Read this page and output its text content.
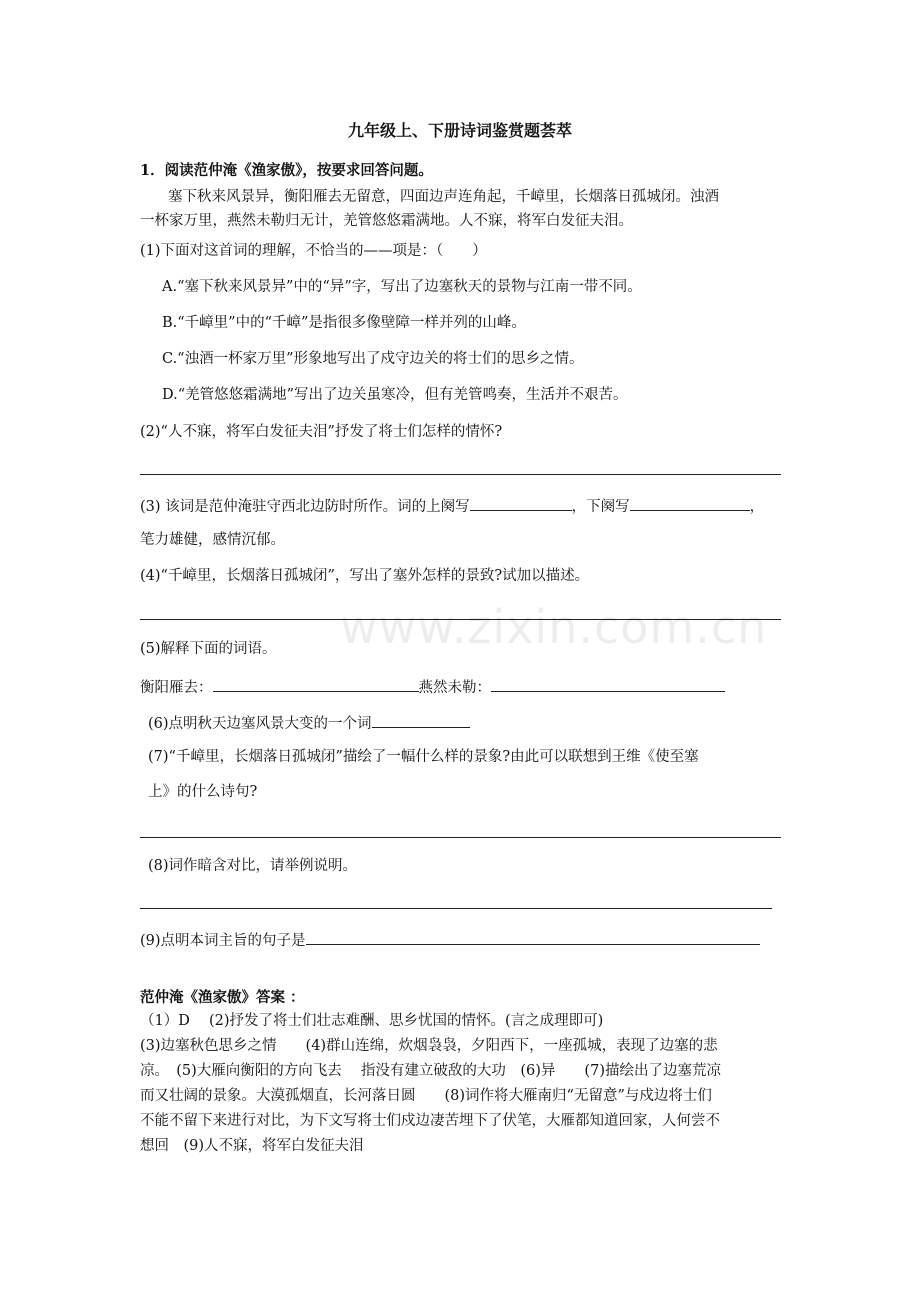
九年级上、下册诗词鉴赏题荟萃
1．阅读范仲淹《渔家傲》，按要求回答问题。
塞下秋来风景异，衡阳雁去无留意，四面边声连角起，千嶂里，长烟落日孤城闭。浊酒
一杯家万里，燕然未勒归无计，羌管悠悠霜满地。人不寐，将军白发征夫泪。
(1)下面对这首词的理解，不恰当的——项是：（　　）
A.“塞下秋来风景异”中的“异”字，写出了边塞秋天的景物与江南一带不同。
B.“千嶂里”中的“千嶂”是指很多像壁障一样并列的山峰。
C.“浊酒一杯家万里”形象地写出了戍守边关的将士们的思乡之情。
D.“羌管悠悠霜满地”写出了边关虽寒冷，但有羌管鸣奏，生活并不艰苦。
(2)“人不寐，将军白发征夫泪”抒发了将士们怎样的情怀?
(3) 该词是范仲淹驻守西北边防时所作。词的上阕写	，下阕写	，
笔力雄健，感情沉郁。
(4)“千嶂里，长烟落日孤城闭”，写出了塞外怎样的景致?试加以描述。
www.zixin.com.cn
(5)解释下面的词语。
衡阳雁去：	燕然未勒：
(6)点明秋天边塞风景大变的一个词
(7)“千嶂里，长烟落日孤城闭”描绘了一幅什么样的景象?由此可以联想到王维《使至塞
上》的什么诗句?
(8)词作暗含对比，请举例说明。
(9)点明本词主旨的句子是
范仲淹《渔家傲》答案 ：
（1）D　 (2)抒发了将士们壮志难酬、思乡忧国的情怀。(言之成理即可)
(3)边塞秋色思乡之情　　(4)群山连绵，炊烟袅袅，夕阳西下，一座孤城，表现了边塞的悲
凉。　(5)大雁向衡阳的方向飞去　 指没有建立破敌的大功　(6)异　　(7)描绘出了边塞荒凉
而又壮阔的景象。大漠孤烟直，长河落日圆　　(8)词作将大雁南归“无留意”与戍边将士们
不能不留下来进行对比，为下文写将士们戍边凄苦埋下了伏笔，大雁都知道回家，人何尝不
想回　(9)人不寐，将军白发征夫泪
